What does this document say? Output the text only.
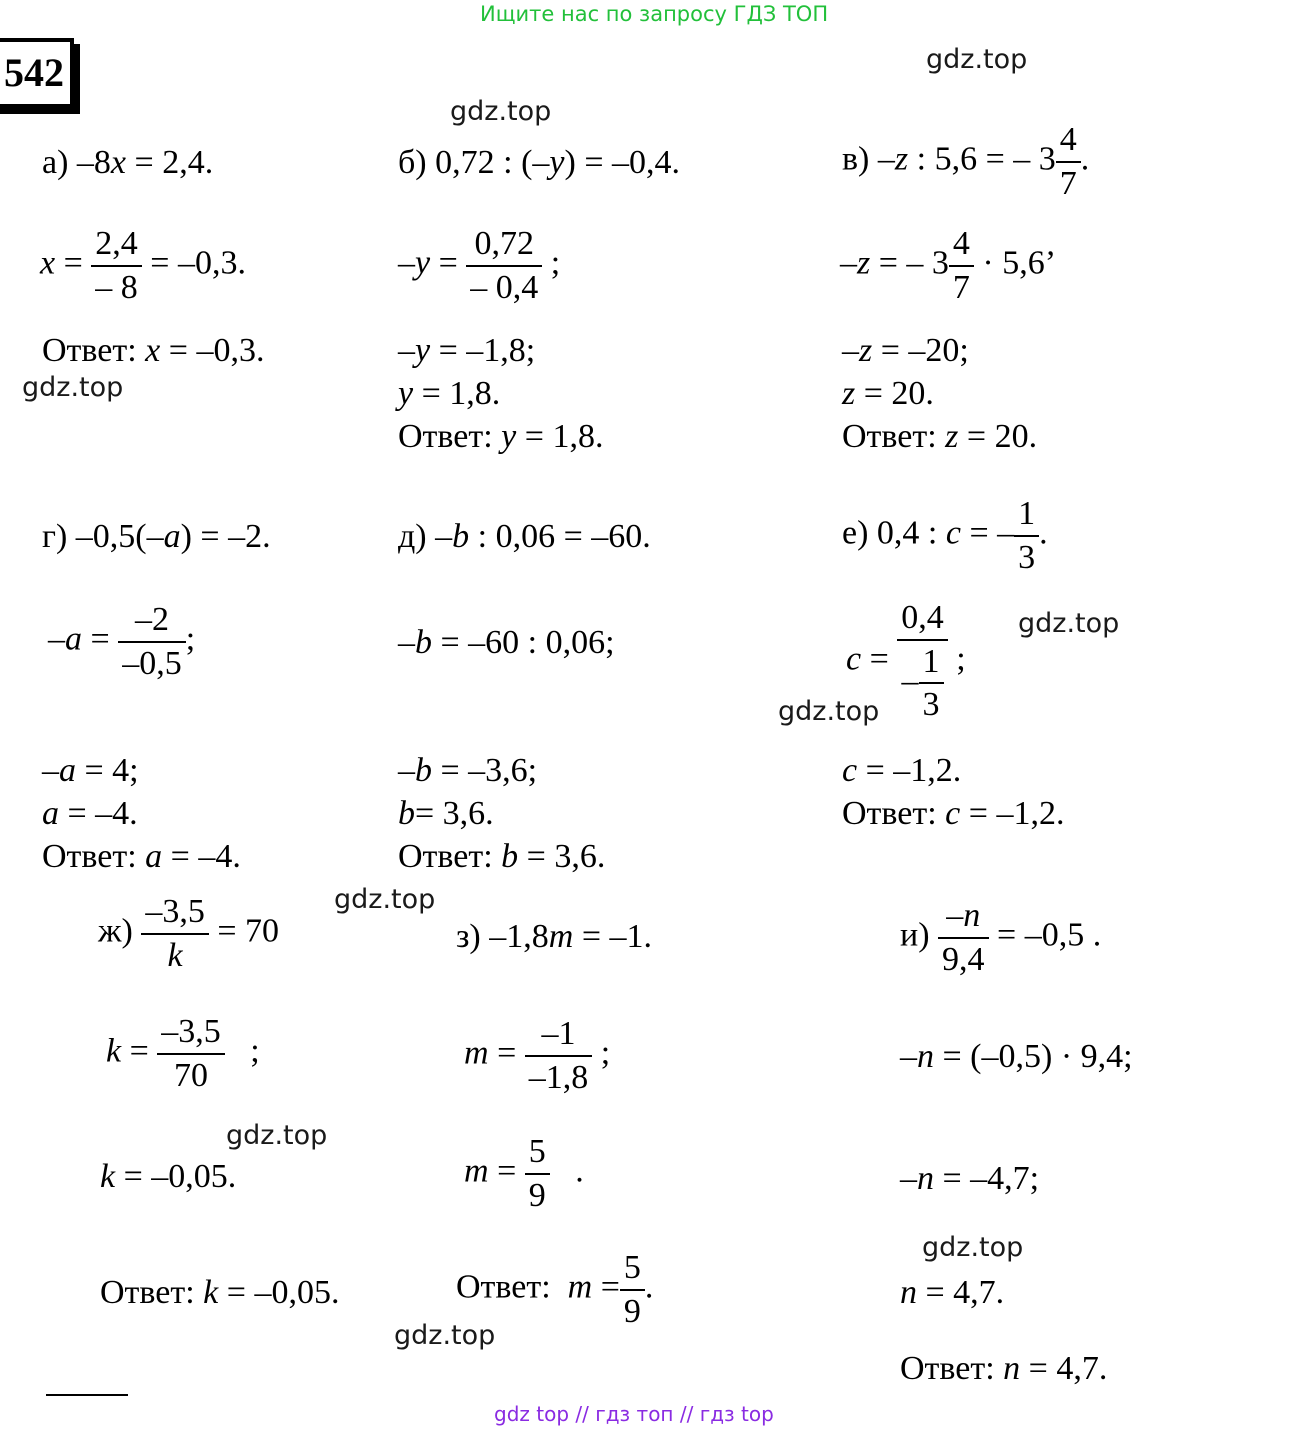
Ищите нас по запросу ГДЗ ТОП
542	gdz.top
gdz.top
gdz.top
gdz.top
gdz.top
gdz.top
gdz.top
gdz.top
gdz.top
а) –8x = 2,4.
$x = \frac{2,4}{- 8} = -0,3$.
Ответ: x = –0,3.
б) 0,72 : (–y) = –0,4.
$-y = \frac{0,72}{- 0,4}$ ;
–y = –1,8;
y = 1,8.
Ответ: y = 1,8.
в) –z : 5,6 = – $3 \frac{4}{7}$ .
–z = – $3 \frac{4}{7} \cdot 5,6$’
–z = –20;
z = 20.
Ответ: z = 20.
г) –0,5(–a) = –2.
$-a = \frac{-2}{-0,5}$ ;
–a = 4;
a = –4.
Ответ: a = –4.
д) –b : 0,06 = –60.
–b = –60 : 0,06;
–b = –3,6;
b= 3,6.
Ответ: b = 3,6.
е) 0,4 : c = – $\frac{1}{3}$ .
$c = \frac{0,4}{- \frac{1}{3}}$ ;
c = –1,2.
Ответ: c = –1,2.
$ж) \frac{-3,5}{k} = 70$
$k = \frac{-3,5}{70}$ ;
k = –0,05.
Ответ: k = –0,05.
з) –1,8m = –1.
$m = \frac{-1}{-1,8}$ ;
$m = \frac{5}{9}$ .
Ответ: $m = \frac{5}{9}$ .
$и) \frac{-n}{9,4} = -0,5$ .
–n = (–0,5) · 9,4;
–n = –4,7;
n = 4,7.
Ответ: n = 4,7.
gdz top // гдз топ // гдз top
